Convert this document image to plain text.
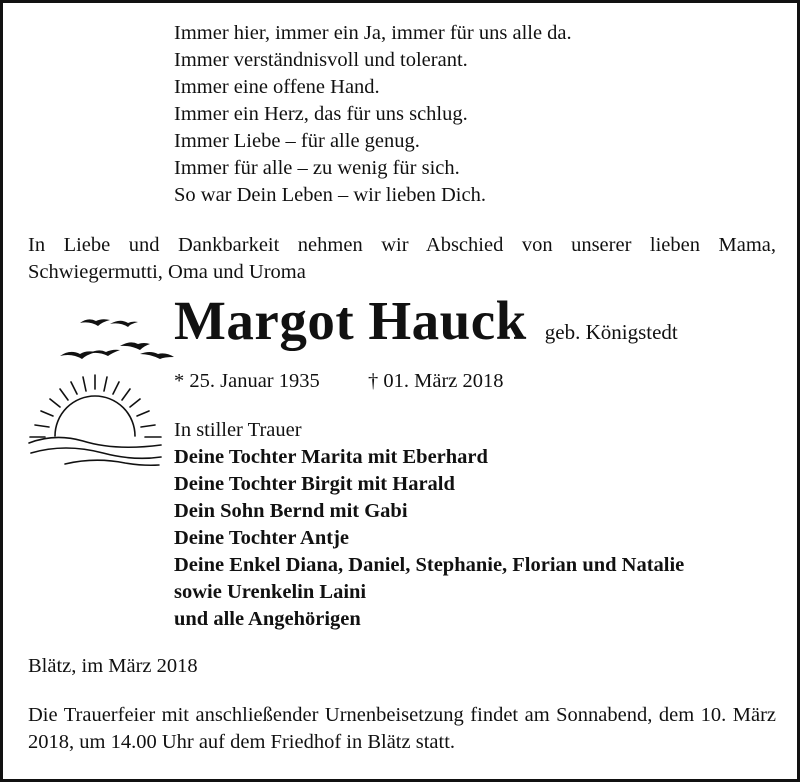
Immer hier, immer ein Ja, immer für uns alle da.
Immer verständnisvoll und tolerant.
Immer eine offene Hand.
Immer ein Herz, das für uns schlug.
Immer Liebe – für alle genug.
Immer für alle – zu wenig für sich.
So war Dein Leben – wir lieben Dich.
In Liebe und Dankbarkeit nehmen wir Abschied von unserer lieben Mama, Schwiegermutti, Oma und Uroma
Margot Hauck geb. Königstedt
* 25. Januar 1935 † 01. März 2018
In stiller Trauer
Deine Tochter Marita mit Eberhard
Deine Tochter Birgit mit Harald
Dein Sohn Bernd mit Gabi
Deine Tochter Antje
Deine Enkel Diana, Daniel, Stephanie, Florian und Natalie
sowie Urenkelin Laini
und alle Angehörigen
Blätz, im März 2018
Die Trauerfeier mit anschließender Urnenbeisetzung findet am Sonnabend, dem 10. März 2018, um 14.00 Uhr auf dem Friedhof in Blätz statt.
